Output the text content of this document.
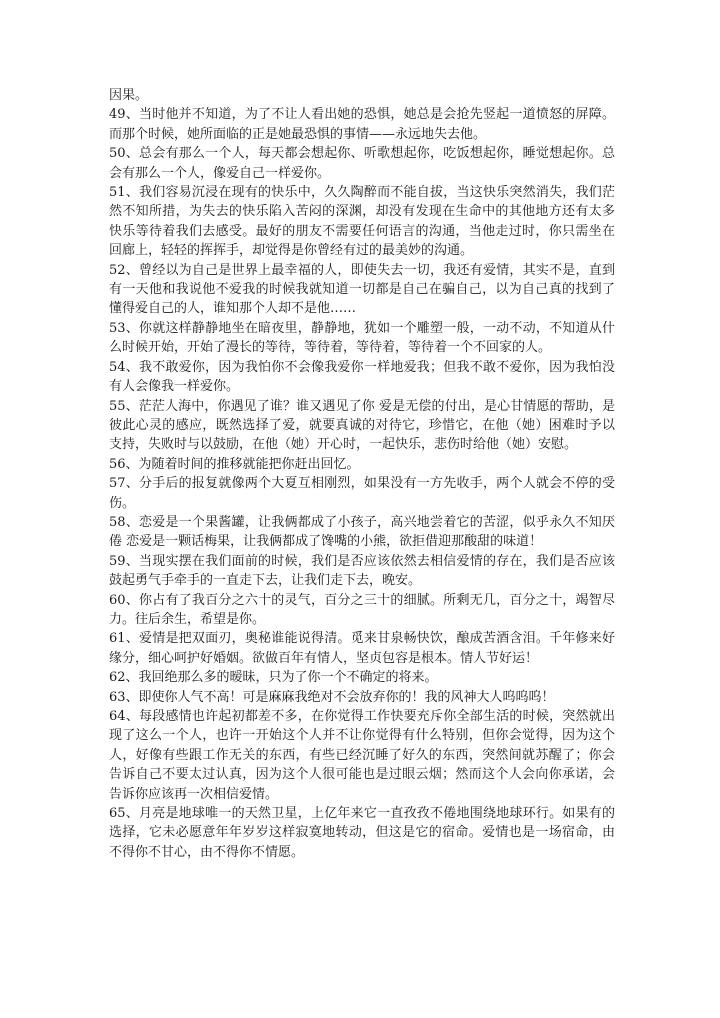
因果。

49、当时他并不知道，为了不让人看出她的恐惧，她总是会抢先竖起一道愤怒的屏障。而那个时候，她所面临的正是她最恐惧的事情——永远地失去他。

50、总会有那么一个人，每天都会想起你、听歌想起你，吃饭想起你，睡觉想起你。总会有那么一个人，像爱自己一样爱你。

51、我们容易沉浸在现有的快乐中，久久陶醉而不能自拔，当这快乐突然消失，我们茫然不知所措，为失去的快乐陷入苦闷的深渊，却没有发现在生命中的其他地方还有太多快乐等待着我们去感受。最好的朋友不需要任何语言的沟通，当他走过时，你只需坐在回廊上，轻轻的挥挥手，却觉得是你曾经有过的最美妙的沟通。

52、曾经以为自己是世界上最幸福的人，即使失去一切，我还有爱情，其实不是，直到有一天他和我说他不爱我的时候我就知道一切都是自己在骗自己，以为自己真的找到了懂得爱自己的人，谁知那个人却不是他……

53、你就这样静静地坐在暗夜里，静静地，犹如一个雕塑一般，一动不动，不知道从什么时候开始，开始了漫长的等待，等待着，等待着，等待着一个不回家的人。

54、我不敢爱你，因为我怕你不会像我爱你一样地爱我；但我不敢不爱你，因为我怕没有人会像我一样爱你。

55、茫茫人海中，你遇见了谁？谁又遇见了你 爱是无偿的付出，是心甘情愿的帮助，是彼此心灵的感应，既然选择了爱，就要真诚的对待它，珍惜它，在他（她）困难时予以支持，失败时与以鼓励，在他（她）开心时，一起快乐，悲伤时给他（她）安慰。

56、为随着时间的推移就能把你赶出回忆。

57、分手后的报复就像两个大夏互相刚烈，如果没有一方先收手，两个人就会不停的受伤。

58、恋爱是一个果酱罐，让我俩都成了小孩子，高兴地尝着它的苦涩，似乎永久不知厌倦 恋爱是一颗话梅果，让我俩都成了馋嘴的小熊，欲拒借迎那酸甜的味道！

59、当现实摆在我们面前的时候，我们是否应该依然去相信爱情的存在，我们是否应该鼓起勇气手牵手的一直走下去，让我们走下去，晚安。

60、你占有了我百分之六十的灵气，百分之三十的细腻。所剩无几，百分之十，竭智尽力。往后余生，希望是你。

61、爱情是把双面刃，奥秘谁能说得清。觅来甘泉畅快饮，酿成苦酒含泪。千年修来好缘分，细心呵护好婚姻。欲做百年有情人，坚贞包容是根本。情人节好运！

62、我回绝那么多的暧昧，只为了你一个不确定的将来。

63、即使你人气不高！可是麻麻我绝对不会放弃你的！我的风神大人呜呜呜！

64、每段感情也许起初都差不多，在你觉得工作快要充斥你全部生活的时候，突然就出现了这么一个人，也许一开始这个人并不让你觉得有什么特别，但你会觉得，因为这个人，好像有些跟工作无关的东西，有些已经沉睡了好久的东西，突然间就苏醒了；你会告诉自己不要太过认真，因为这个人很可能也是过眼云烟；然而这个人会向你承诺，会告诉你应该再一次相信爱情。

65、月亮是地球唯一的天然卫星，上亿年来它一直孜孜不倦地围绕地球环行。如果有的选择，它未必愿意年年岁岁这样寂寞地转动，但这是它的宿命。爱情也是一场宿命，由不得你不甘心，由不得你不情愿。
